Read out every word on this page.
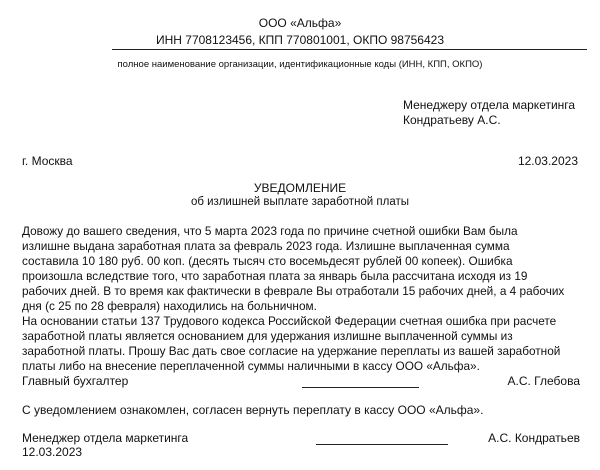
ООО «Альфа»
ИНН 7708123456, КПП 770801001, ОКПО 98756423
полное наименование организации, идентификационные коды (ИНН, КПП, ОКПО)
Менеджеру отдела маркетинга
Кондратьеву А.С.
г. Москва	12.03.2023
УВЕДОМЛЕНИЕ
об излишней выплате заработной платы

Довожу до вашего сведения, что 5 марта 2023 года по причине счетной ошибки Вам была

излишне выдана заработная плата за февраль 2023 года. Излишне выплаченная сумма

составила 10 180 руб. 00 коп. (десять тысяч сто восемьдесят рублей 00 копеек). Ошибка

произошла вследствие того, что заработная плата за январь была рассчитана исходя из 19

рабочих дней. В то время как фактически в феврале Вы отработали 15 рабочих дней, а 4 рабочих

дня (с 25 по 28 февраля) находились на больничном.

На основании статьи 137 Трудового кодекса Российской Федерации счетная ошибка при расчете

заработной платы является основанием для удержания излишне выплаченной суммы из

заработной платы. Прошу Вас дать свое согласие на удержание переплаты из вашей заработной

платы либо на внесение переплаченной суммы наличными в кассу ООО «Альфа».

Главный бухгалтер	А.С. Глебова
С уведомлением ознакомлен, согласен вернуть переплату в кассу ООО «Альфа».
Менеджер отдела маркетинга	А.С. Кондратьев
12.03.2023
